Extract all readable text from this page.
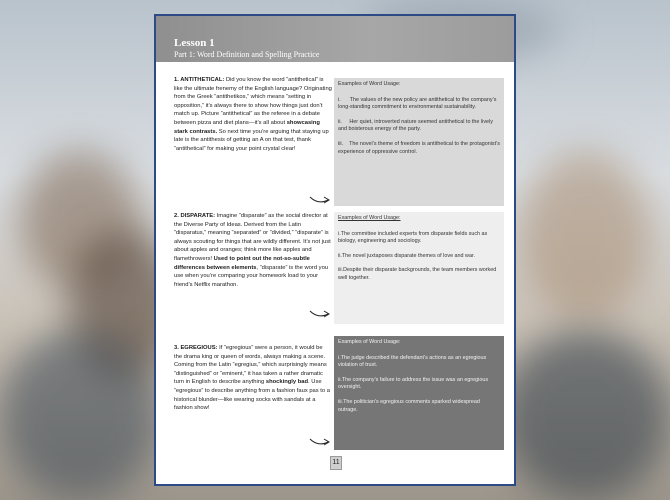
Lesson 1
Part 1: Word Definition and Spelling Practice

1. ANTITHETICAL: Did you know the word “antithetical” is like the ultimate frenemy of the English language? Originating from the Greek “antithetikos,” which means “setting in opposition,” it’s always there to show how things just don’t match up. Picture “antithetical” as the referee in a debate between pizza and diet plans—it’s all about showcasing stark contrasts. So next time you’re arguing that staying up late is the antithesis of getting an A on that test, thank “antithetical” for making your point crystal clear!

Examples of Word Usage:

i.      The values of the new policy are antithetical to the company’s long-standing commitment to environmental sustainability.

ii.     Her quiet, introverted nature seemed antithetical to the lively and boisterous energy of the party.

iii.    The novel’s theme of freedom is antithetical to the protagonist’s experience of oppressive control.

2. DISPARATE: Imagine “disparate” as the social director at the Diverse Party of Ideas. Derived from the Latin “disparatus,” meaning “separated” or “divided,” “disparate” is always scouting for things that are wildly different. It’s not just about apples and oranges; think more like apples and flamethrowers! Used to point out the not-so-subtle differences between elements, “disparate” is the word you use when you’re comparing your homework load to your friend’s Netflix marathon.

Examples of Word Usage:

i.The committee included experts from disparate fields such as biology, engineering and sociology.

ii.The novel juxtaposes disparate themes of love and war.

iii.Despite their disparate backgrounds, the team members worked well together.

3. EGREGIOUS: If “egregious” were a person, it would be the drama king or queen of words, always making a scene. Coming from the Latin “egregius,” which surprisingly means “distinguished” or “eminent,” it has taken a rather dramatic turn in English to describe anything shockingly bad. Use “egregious” to describe anything from a fashion faux pas to a historical blunder—like wearing socks with sandals at a fashion show!

Examples of Word Usage:

i.The judge described the defendant’s actions as an egregious violation of trust.

ii.The company’s failure to address the issue was an egregious oversight.

iii.The politician’s egregious comments sparked widespread outrage.

11
